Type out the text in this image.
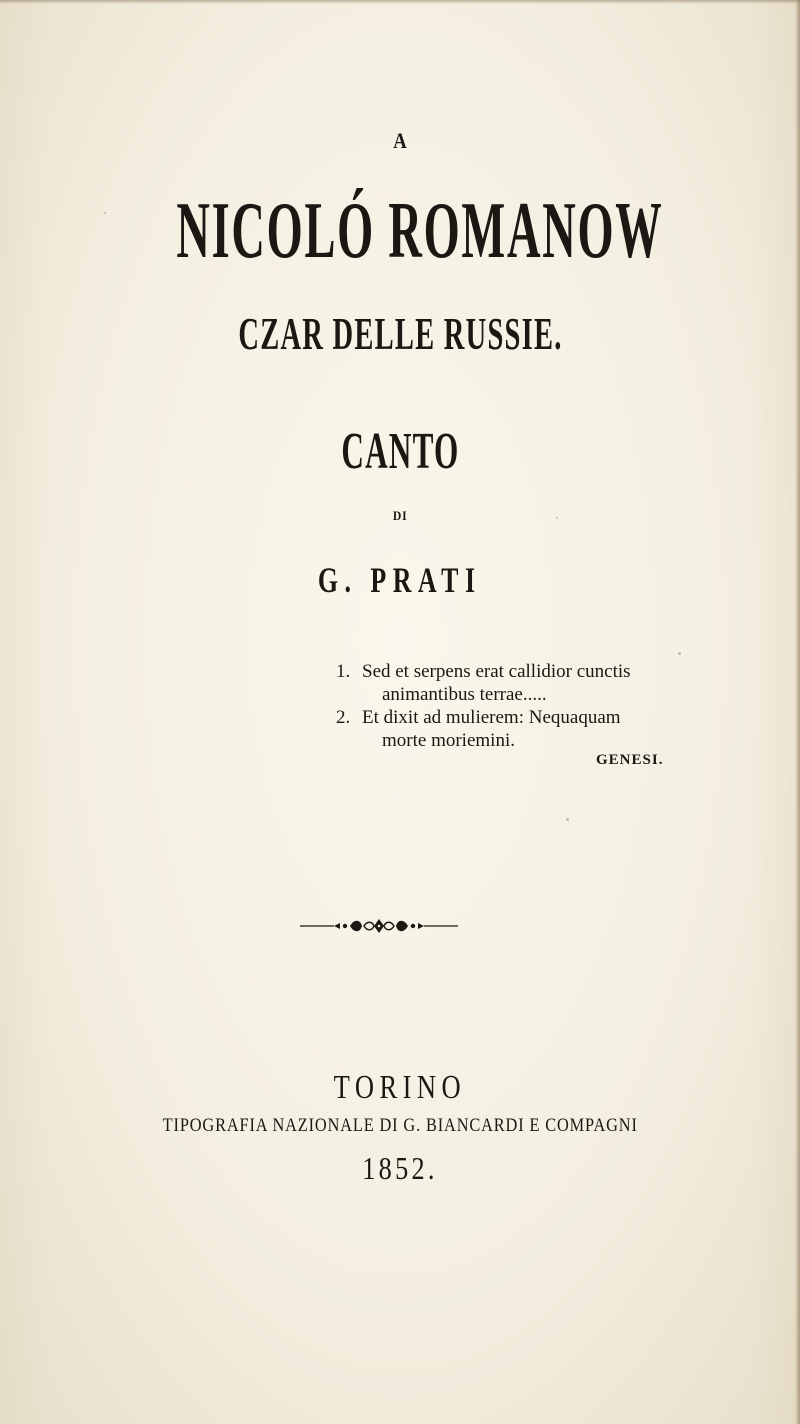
A
NICOLÓ ROMANOW
CZAR DELLE RUSSIE.
CANTO
DI
G. PRATI
1. Sed et serpens erat callidior cunctis
animantibus terrae.....
2. Et dixit ad mulierem: Nequaquam
morte moriemini.
GENESI.
TORINO
TIPOGRAFIA NAZIONALE DI G. BIANCARDI E COMPAGNI
1852.
